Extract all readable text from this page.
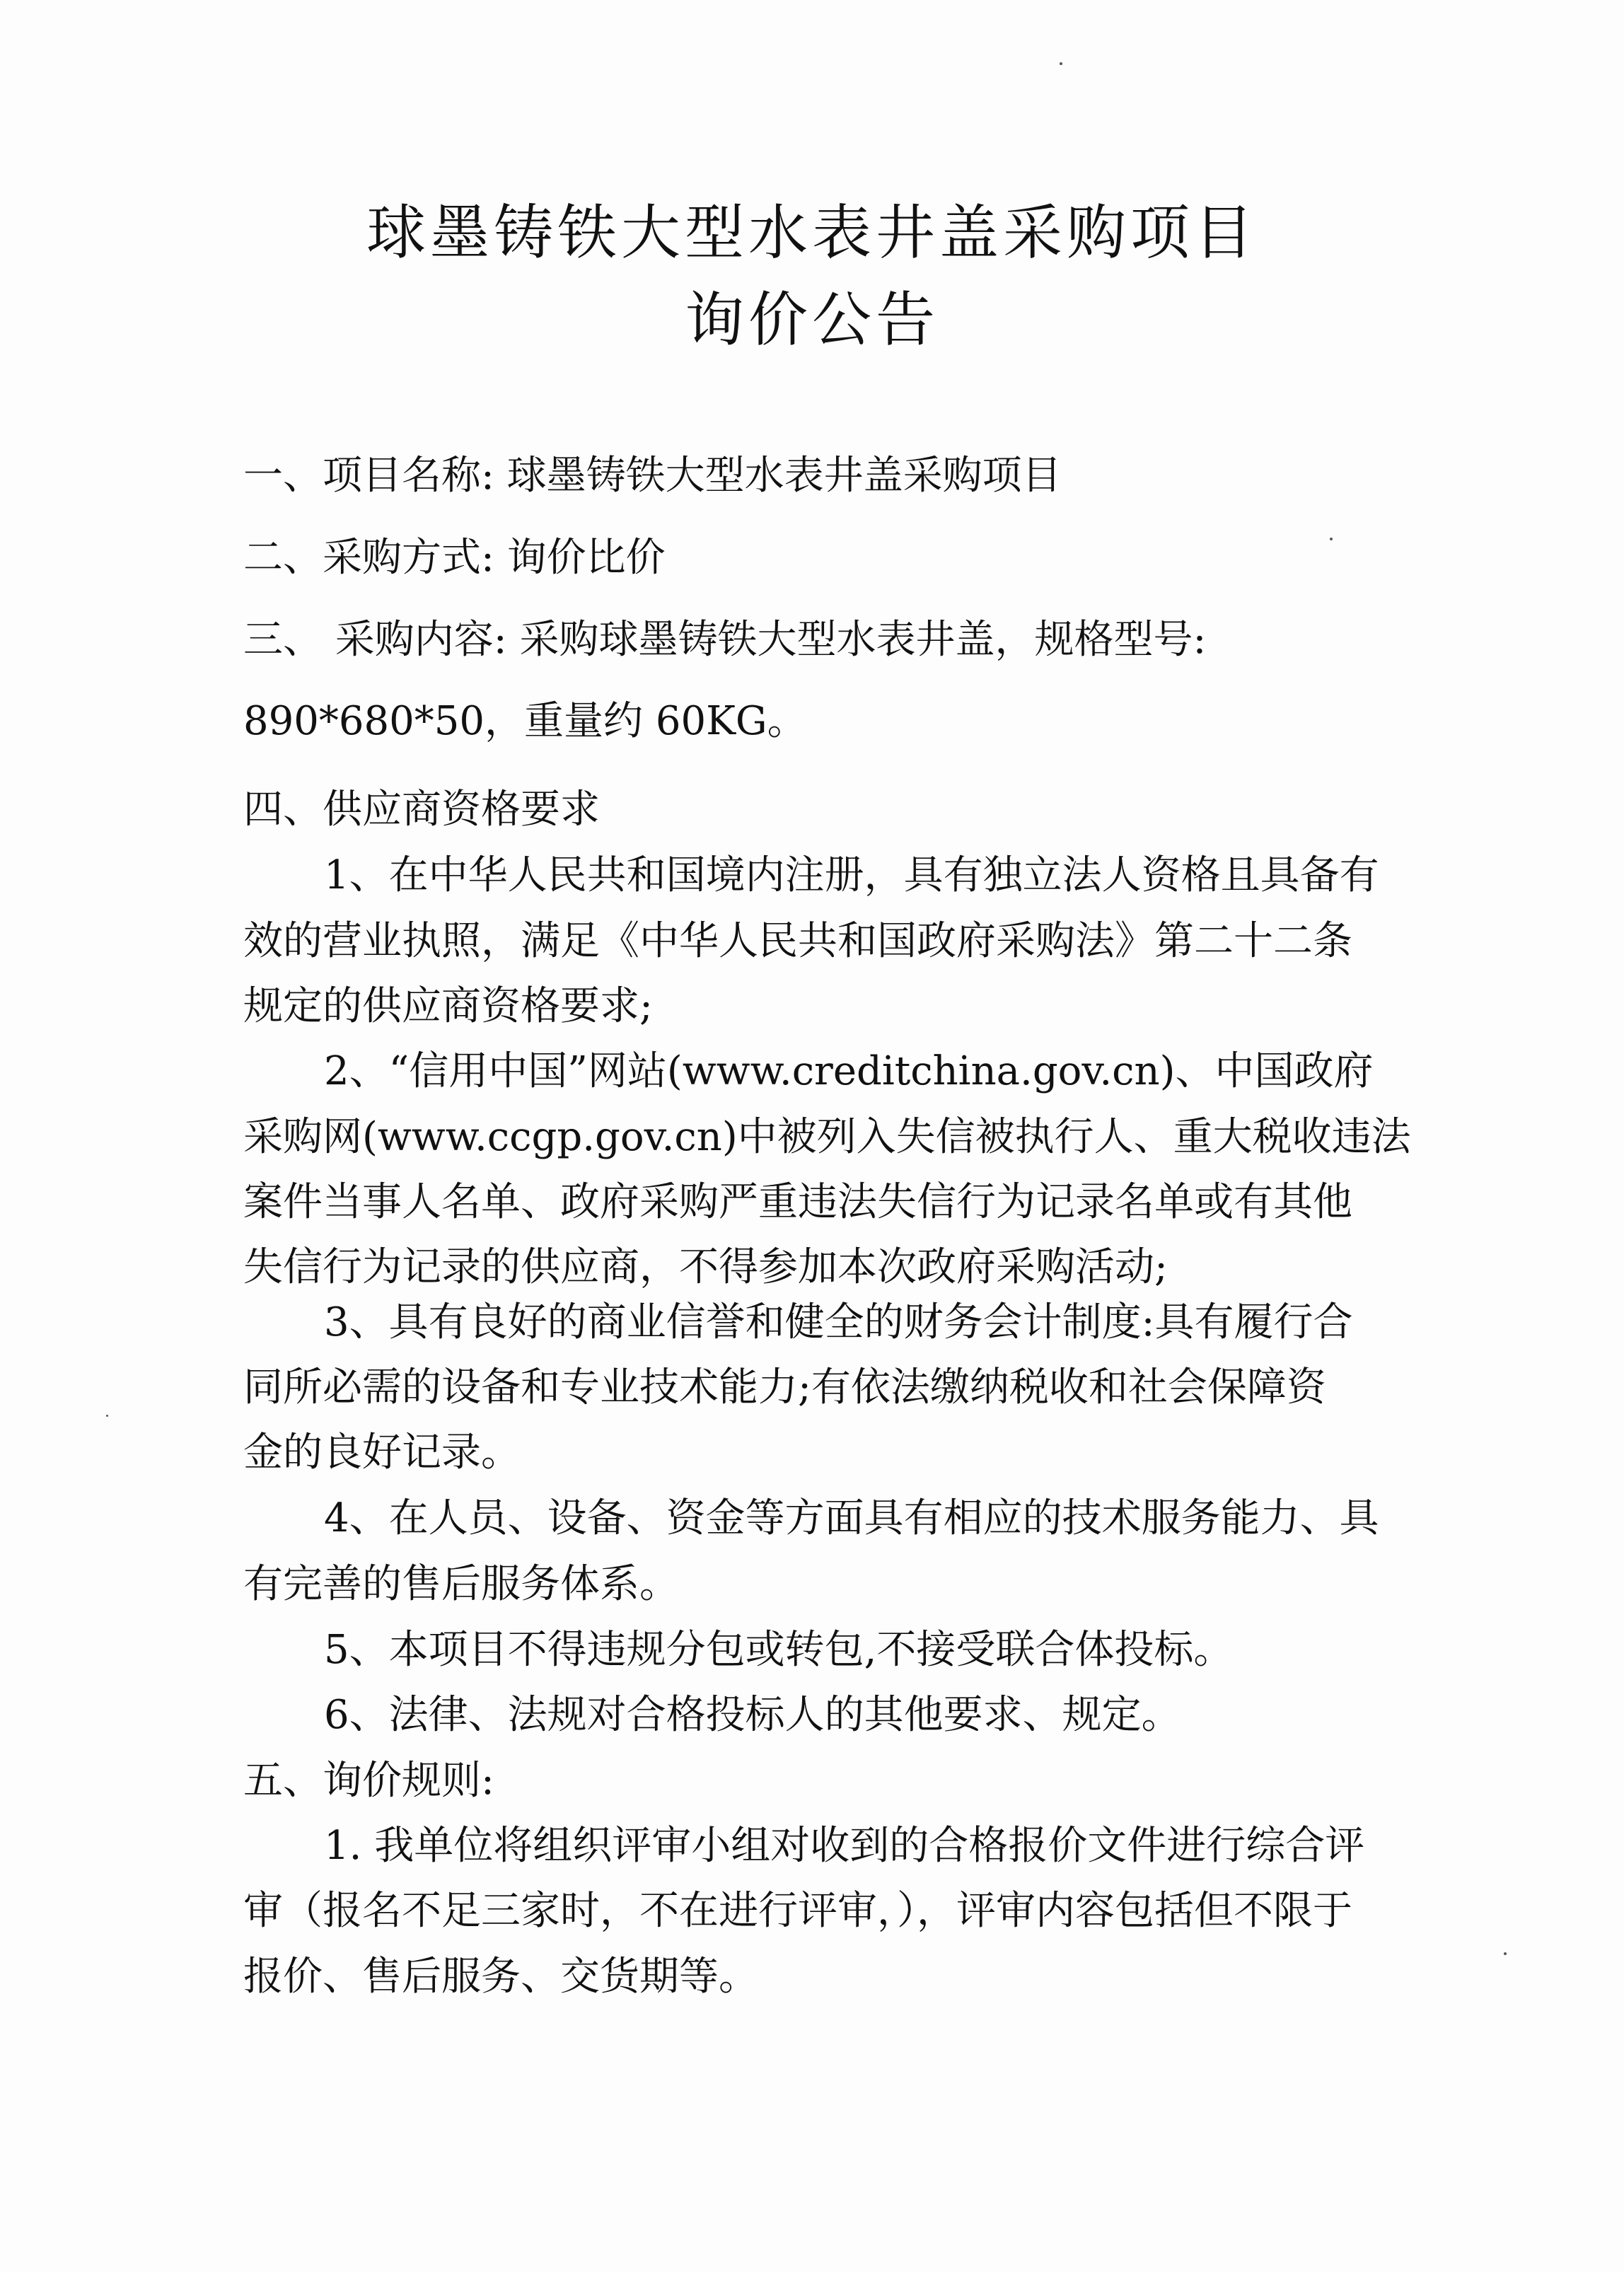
球墨铸铁大型水表井盖采购项目
询价公告

一、项目名称: 球墨铸铁大型水表井盖采购项目

二、采购方式: 询价比价

三、 采购内容: 采购球墨铸铁大型水表井盖，规格型号:

890*680*50，重量约 60KG。

四、供应商资格要求

1、在中华人民共和国境内注册，具有独立法人资格且具备有

效的营业执照，满足《中华人民共和国政府采购法》第二十二条

规定的供应商资格要求;

2、“信用中国”网站(www.creditchina.gov.cn)、中国政府

采购网(www.ccgp.gov.cn)中被列入失信被执行人、重大税收违法

案件当事人名单、政府采购严重违法失信行为记录名单或有其他

失信行为记录的供应商，不得参加本次政府采购活动;

3、具有良好的商业信誉和健全的财务会计制度:具有履行合

同所必需的设备和专业技术能力;有依法缴纳税收和社会保障资

金的良好记录。

4、在人员、设备、资金等方面具有相应的技术服务能力、具

有完善的售后服务体系。

5、本项目不得违规分包或转包,不接受联合体投标。

6、法律、法规对合格投标人的其他要求、规定。

五、询价规则:

1. 我单位将组织评审小组对收到的合格报价文件进行综合评

审（报名不足三家时，不在进行评审，），评审内容包括但不限于

报价、售后服务、交货期等。
